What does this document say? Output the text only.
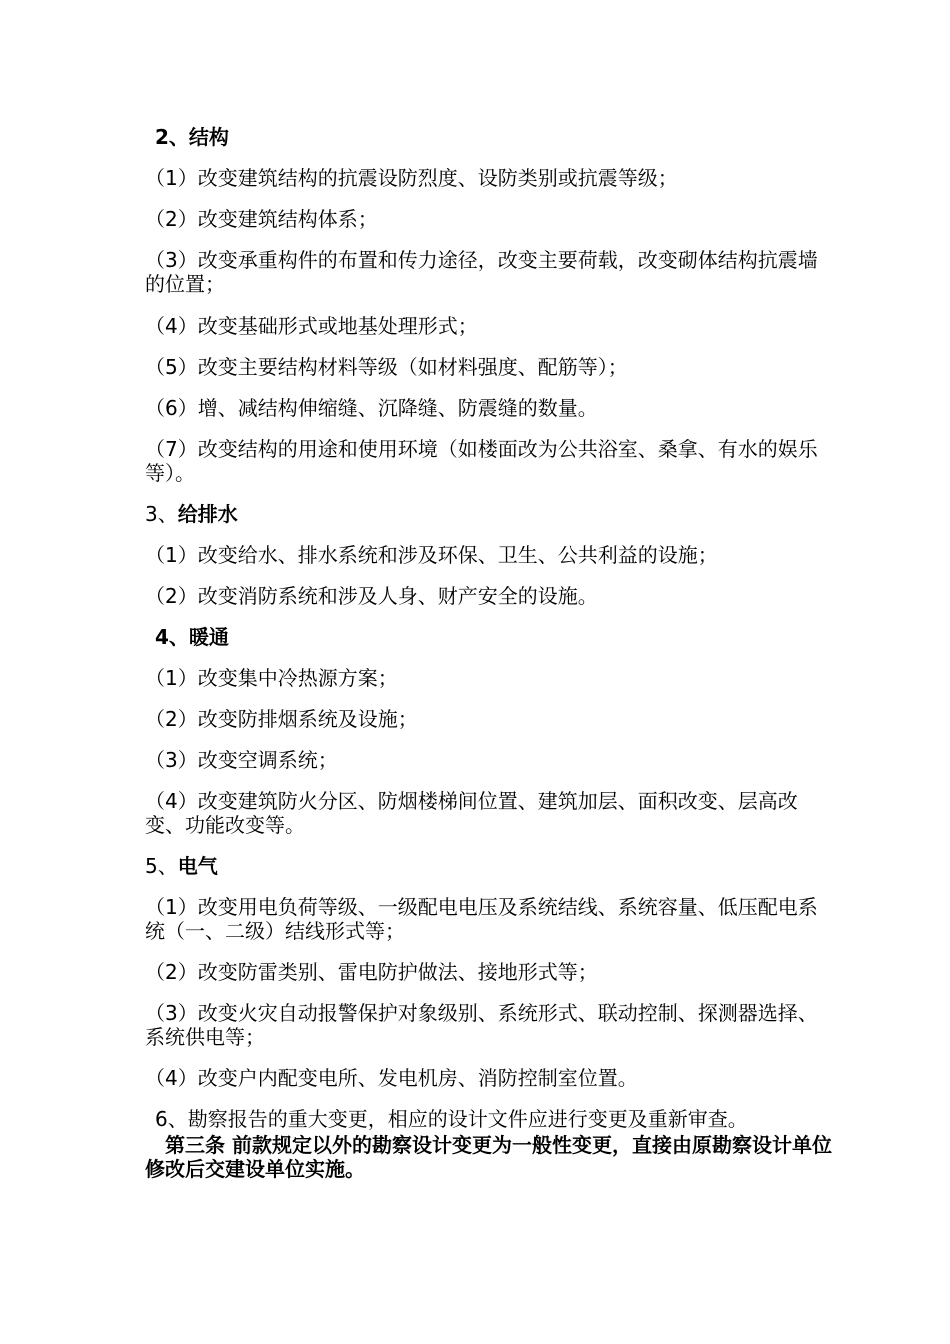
2、结构
（1）改变建筑结构的抗震设防烈度、设防类别或抗震等级；
（2）改变建筑结构体系；
（3）改变承重构件的布置和传力途径，改变主要荷载，改变砌体结构抗震墙的位置；
（4）改变基础形式或地基处理形式；
（5）改变主要结构材料等级（如材料强度、配筋等）；
（6）增、减结构伸缩缝、沉降缝、防震缝的数量。
（7）改变结构的用途和使用环境（如楼面改为公共浴室、桑拿、有水的娱乐等）。
3、给排水
（1）改变给水、排水系统和涉及环保、卫生、公共利益的设施；
（2）改变消防系统和涉及人身、财产安全的设施。
4、暖通
（1）改变集中冷热源方案；
（2）改变防排烟系统及设施；
（3）改变空调系统；
（4）改变建筑防火分区、防烟楼梯间位置、建筑加层、面积改变、层高改变、功能改变等。
5、电气
（1）改变用电负荷等级、一级配电电压及系统结线、系统容量、低压配电系统（一、二级）结线形式等；
（2）改变防雷类别、雷电防护做法、接地形式等；
（3）改变火灾自动报警保护对象级别、系统形式、联动控制、探测器选择、系统供电等；
（4）改变户内配变电所、发电机房、消防控制室位置。
6、勘察报告的重大变更，相应的设计文件应进行变更及重新审查。
第三条 前款规定以外的勘察设计变更为一般性变更，直接由原勘察设计单位修改后交建设单位实施。
